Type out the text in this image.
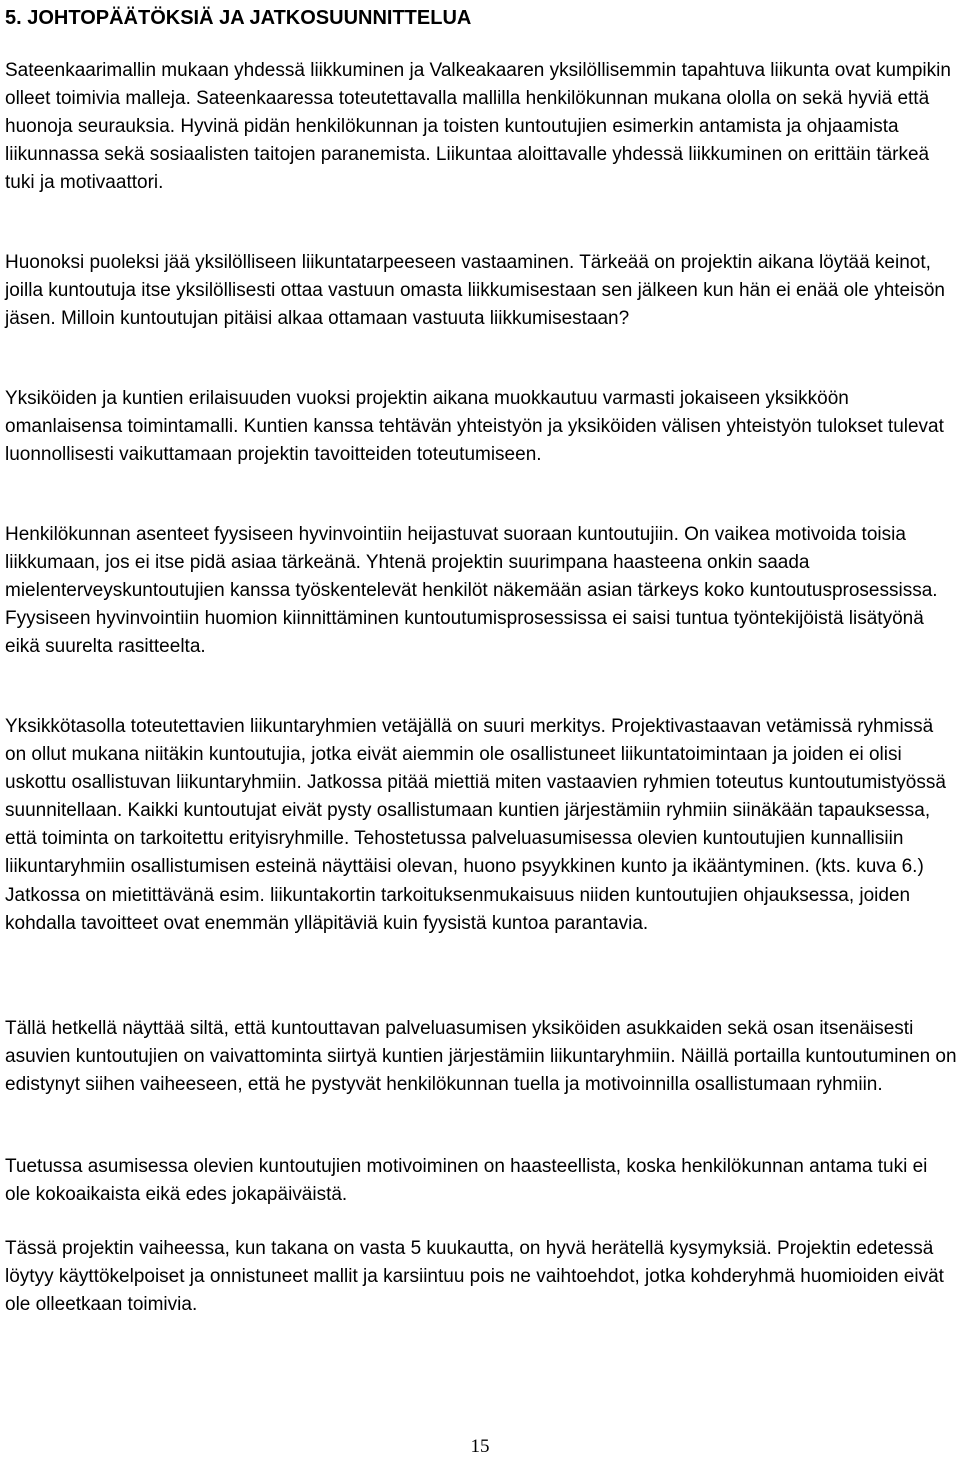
5. JOHTOPÄÄTÖKSIÄ JA JATKOSUUNNITTELUA

Sateenkaarimallin mukaan yhdessä liikkuminen ja Valkeakaaren yksilöllisemmin tapahtuva liikunta ovat kumpikin olleet toimivia malleja. Sateenkaaressa toteutettavalla mallilla henkilökunnan mukana ololla on sekä hyviä että huonoja seurauksia. Hyvinä pidän henkilökunnan ja toisten kuntoutujien esimerkin antamista ja ohjaamista liikunnassa sekä sosiaalisten taitojen paranemista. Liikuntaa aloittavalle yhdessä liikkuminen on erittäin tärkeä tuki ja motivaattori.

Huonoksi puoleksi jää yksilölliseen liikuntatarpeeseen vastaaminen. Tärkeää on projektin aikana löytää keinot, joilla kuntoutuja itse yksilöllisesti ottaa vastuun omasta liikkumisestaan sen jälkeen kun hän ei enää ole yhteisön jäsen. Milloin kuntoutujan pitäisi alkaa ottamaan vastuuta liikkumisestaan?

Yksiköiden ja kuntien erilaisuuden vuoksi projektin aikana muokkautuu varmasti jokaiseen yksikköön omanlaisensa toimintamalli. Kuntien kanssa tehtävän yhteistyön ja yksiköiden välisen yhteistyön tulokset tulevat luonnollisesti vaikuttamaan projektin tavoitteiden toteutumiseen.

Henkilökunnan asenteet fyysiseen hyvinvointiin heijastuvat suoraan kuntoutujiin. On vaikea motivoida toisia liikkumaan, jos ei itse pidä asiaa tärkeänä. Yhtenä projektin suurimpana haasteena onkin saada mielenterveyskuntoutujien kanssa työskentelevät henkilöt näkemään asian tärkeys koko kuntoutusprosessissa. Fyysiseen hyvinvointiin huomion kiinnittäminen kuntoutumisprosessissa ei saisi tuntua työntekijöistä lisätyönä eikä suurelta rasitteelta.

Yksikkötasolla toteutettavien liikuntaryhmien vetäjällä on suuri merkitys. Projektivastaavan vetämissä ryhmissä on ollut mukana niitäkin kuntoutujia, jotka eivät aiemmin ole osallistuneet liikuntatoimintaan ja joiden ei olisi uskottu osallistuvan liikuntaryhmiin. Jatkossa pitää miettiä miten vastaavien ryhmien toteutus kuntoutumistyössä suunnitellaan. Kaikki kuntoutujat eivät pysty osallistumaan kuntien järjestämiin ryhmiin siinäkään tapauksessa, että toiminta on tarkoitettu erityisryhmille. Tehostetussa palveluasumisessa olevien kuntoutujien kunnallisiin liikuntaryhmiin osallistumisen esteinä näyttäisi olevan, huono psyykkinen kunto ja ikääntyminen. (kts. kuva 6.) Jatkossa on mietittävänä esim. liikuntakortin tarkoituksenmukaisuus niiden kuntoutujien ohjauksessa, joiden kohdalla tavoitteet ovat enemmän ylläpitäviä kuin fyysistä kuntoa parantavia.

Tällä hetkellä näyttää siltä, että kuntouttavan palveluasumisen yksiköiden asukkaiden sekä osan itsenäisesti asuvien kuntoutujien on vaivattominta siirtyä kuntien järjestämiin liikuntaryhmiin. Näillä portailla kuntoutuminen on edistynyt siihen vaiheeseen, että he pystyvät henkilökunnan tuella ja motivoinnilla osallistumaan ryhmiin.

Tuetussa asumisessa olevien kuntoutujien motivoiminen on haasteellista, koska henkilökunnan antama tuki ei ole kokoaikaista eikä edes jokapäiväistä.

Tässä projektin vaiheessa, kun takana on vasta 5 kuukautta, on hyvä herätellä kysymyksiä. Projektin edetessä löytyy käyttökelpoiset ja onnistuneet mallit ja karsiintuu pois ne vaihtoehdot, jotka kohderyhmä huomioiden eivät ole olleetkaan toimivia.

15
